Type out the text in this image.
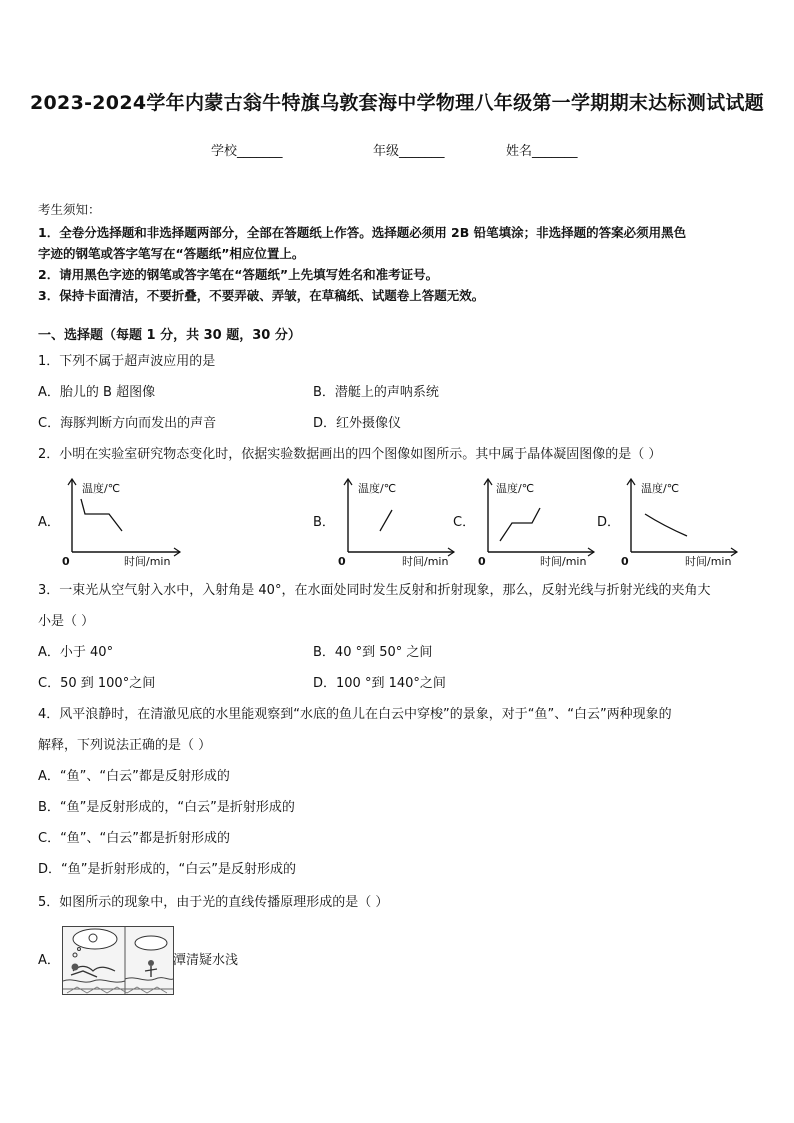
2023-2024学年内蒙古翁牛特旗乌敦套海中学物理八年级第一学期期末达标测试试题
学校_______	年级_______	姓名_______
考生须知：
1．全卷分选择题和非选择题两部分，全部在答题纸上作答。选择题必须用 2B 铅笔填涂；非选择题的答案必须用黑色
字迹的钢笔或答字笔写在“答题纸”相应位置上。
2．请用黑色字迹的钢笔或答字笔在“答题纸”上先填写姓名和准考证号。
3．保持卡面清洁，不要折叠，不要弄破、弄皱，在草稿纸、试题卷上答题无效。
一、选择题（每题 1 分，共 30 题，30 分）
1．下列不属于超声波应用的是
A．胎儿的 B 超图像	B．潜艇上的声呐系统
C．海豚判断方向而发出的声音	D．红外摄像仪
2．小明在实验室研究物态变化时，依据实验数据画出的四个图像如图所示。其中属于晶体凝固图像的是（ ）
A．	B．	C．	D．
温度/℃
0	时间/min
温度/℃
0	时间/min
温度/℃
0	时间/min
温度/℃
0	时间/min
3．一束光从空气射入水中，入射角是 40°，在水面处同时发生反射和折射现象，那么，反射光线与折射光线的夹角大
小是（ ）
A．小于 40°	B．40 °到 50° 之间
C．50 到 100°之间	D．100 °到 140°之间
4．风平浪静时，在清澈见底的水里能观察到“水底的鱼儿在白云中穿梭”的景象，对于“鱼”、“白云”两种现象的
解释，下列说法正确的是（ ）
A．“鱼”、“白云”都是反射形成的
B．“鱼”是反射形成的，“白云”是折射形成的
C．“鱼”、“白云”都是折射形成的
D．“鱼”是折射形成的，“白云”是反射形成的
5．如图所示的现象中，由于光的直线传播原理形成的是（ ）
A．	潭清疑水浅
